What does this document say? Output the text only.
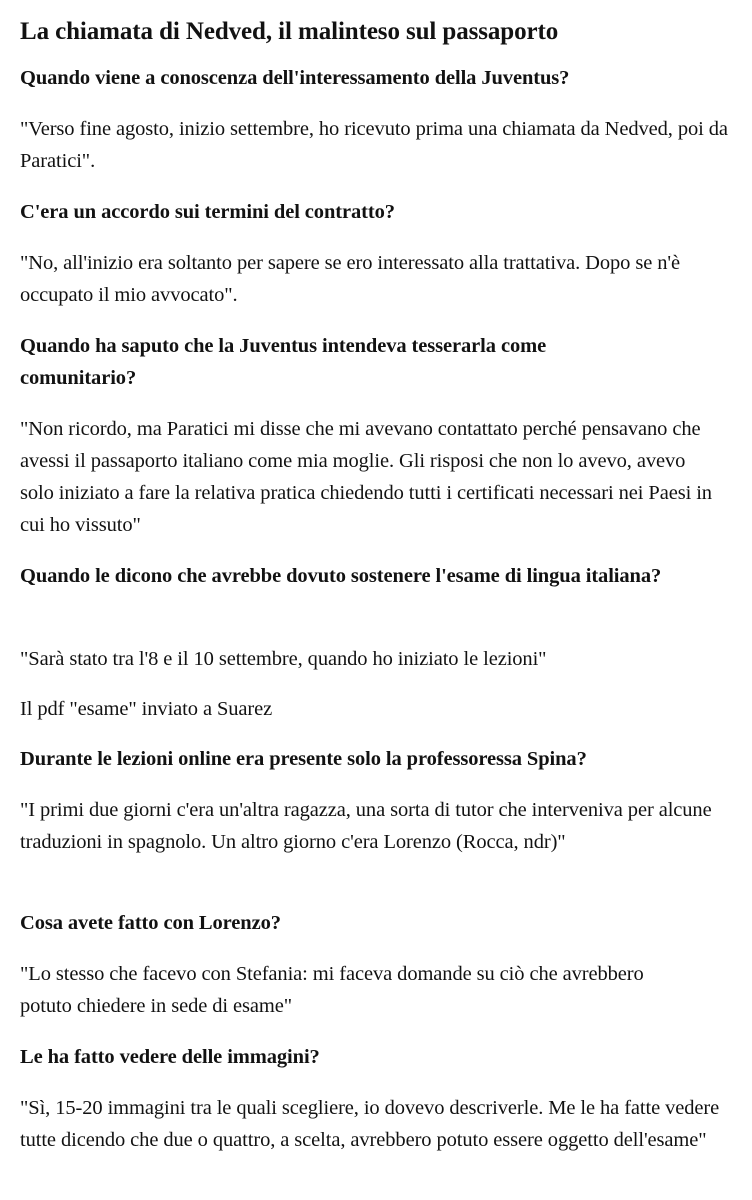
La chiamata di Nedved, il malinteso sul passaporto

Quando viene a conoscenza dell'interessamento della Juventus?

"Verso fine agosto, inizio settembre, ho ricevuto prima una chiamata da Nedved, poi da Paratici".

C'era un accordo sui termini del contratto?

"No, all'inizio era soltanto per sapere se ero interessato alla trattativa. Dopo se n'è occupato il mio avvocato".

Quando ha saputo che la Juventus intendeva tesserarla come comunitario?

"Non ricordo, ma Paratici mi disse che mi avevano contattato perché pensavano che avessi il passaporto italiano come mia moglie. Gli risposi che non lo avevo, avevo solo iniziato a fare la relativa pratica chiedendo tutti i certificati necessari nei Paesi in cui ho vissuto"

Quando le dicono che avrebbe dovuto sostenere l'esame di lingua italiana?

"Sarà stato tra l'8 e il 10 settembre, quando ho iniziato le lezioni"

Il pdf "esame" inviato a Suarez

Durante le lezioni online era presente solo la professoressa Spina?

"I primi due giorni c'era un'altra ragazza, una sorta di tutor che interveniva per alcune traduzioni in spagnolo. Un altro giorno c'era Lorenzo (Rocca, ndr)"

Cosa avete fatto con Lorenzo?

"Lo stesso che facevo con Stefania: mi faceva domande su ciò che avrebbero potuto chiedere in sede di esame"

Le ha fatto vedere delle immagini?

"Sì, 15-20 immagini tra le quali scegliere, io dovevo descriverle. Me le ha fatte vedere tutte dicendo che due o quattro, a scelta, avrebbero potuto essere oggetto dell'esame"
